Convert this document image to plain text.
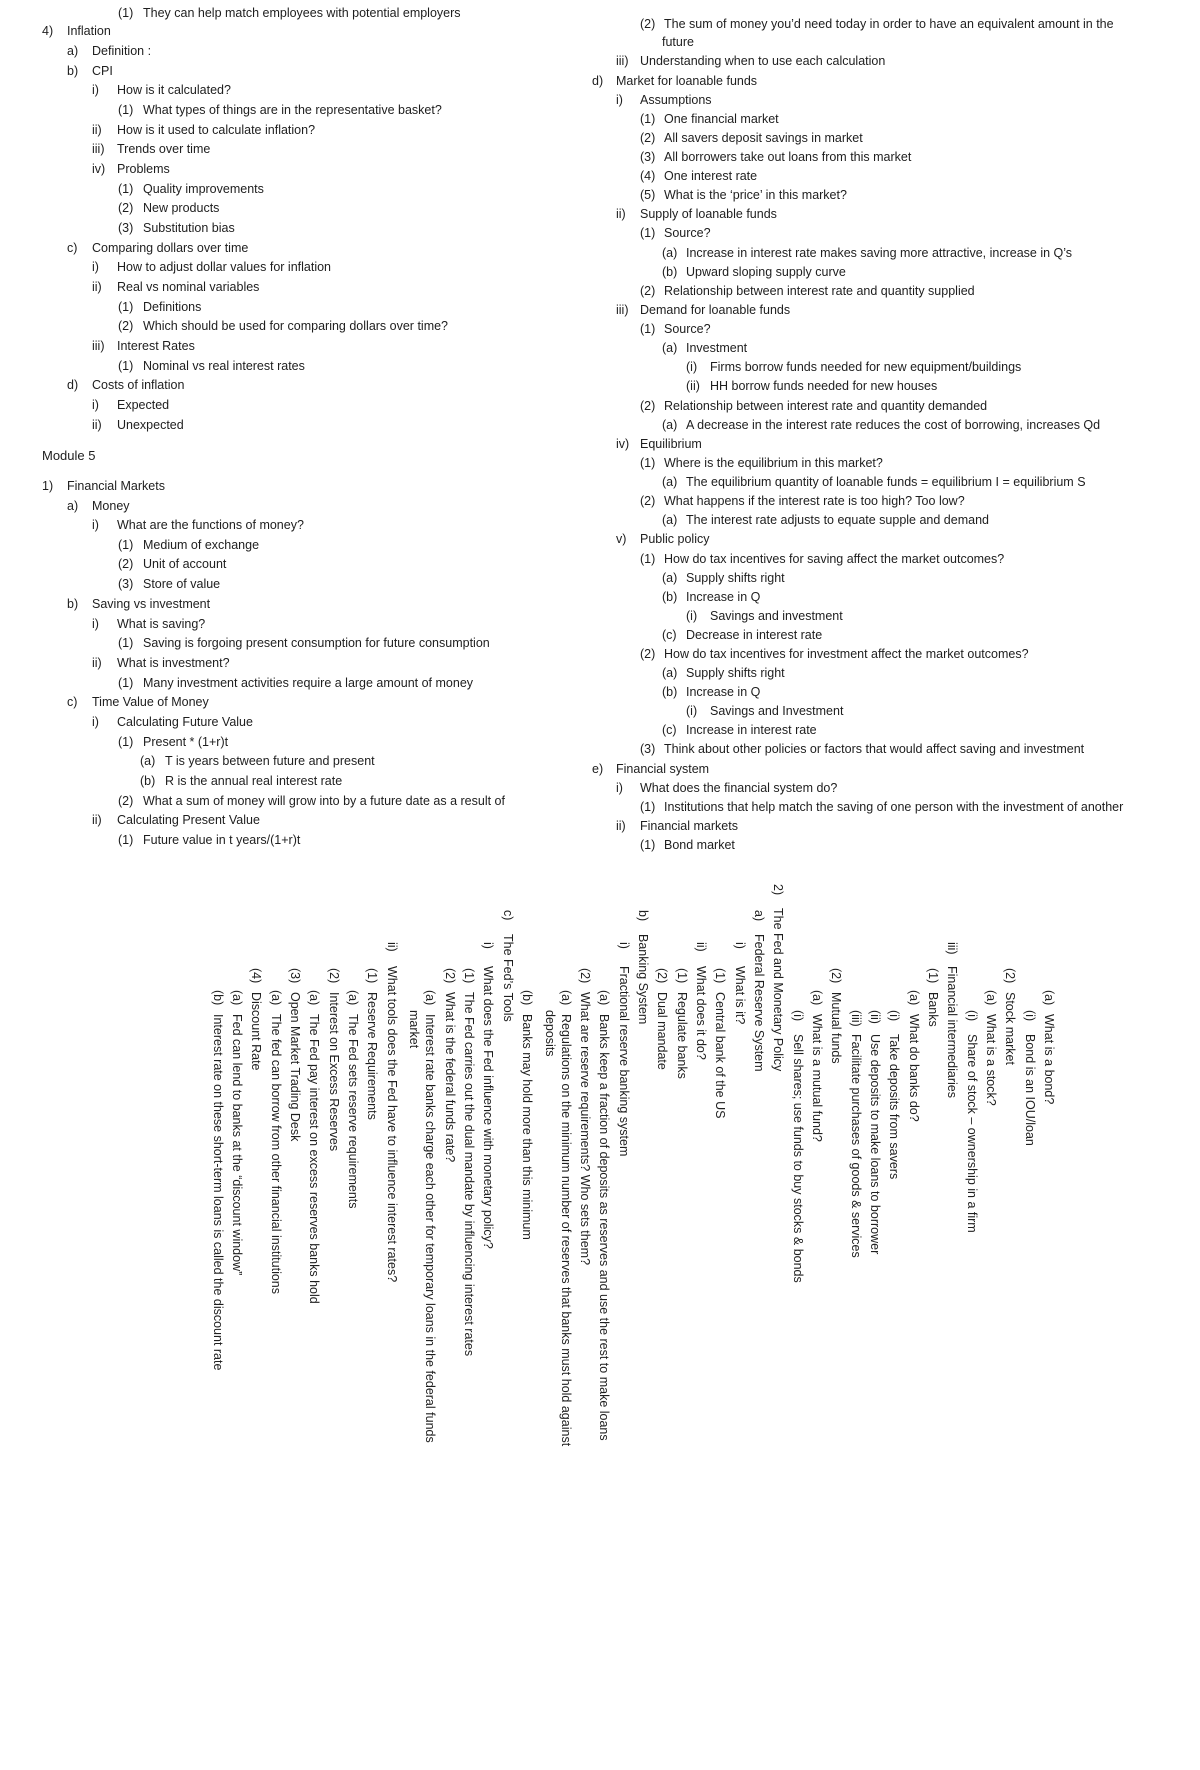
(1) They can help match employees with potential employers
4) Inflation
a) Definition :
b) CPI
i) How is it calculated?
(1) What types of things are in the representative basket?
ii) How is it used to calculate inflation?
iii) Trends over time
iv) Problems
(1) Quality improvements
(2) New products
(3) Substitution bias
c) Comparing dollars over time
i) How to adjust dollar values for inflation
ii) Real vs nominal variables
(1) Definitions
(2) Which should be used for comparing dollars over time?
iii) Interest Rates
(1) Nominal vs real interest rates
d) Costs of inflation
i) Expected
ii) Unexpected
Module 5
1) Financial Markets
a) Money
i) What are the functions of money?
(1) Medium of exchange
(2) Unit of account
(3) Store of value
b) Saving vs investment
i) What is saving?
(1) Saving is forgoing present consumption for future consumption
ii) What is investment?
(1) Many investment activities require a large amount of money
c) Time Value of Money
i) Calculating Future Value
(1) Present * (1+r)t
(a) T is years between future and present
(b) R is the annual real interest rate
(2) What a sum of money will grow into by a future date as a result of
ii) Calculating Present Value
(1) Future value in t years/(1+r)t
(2) The sum of money you’d need today in order to have an equivalent amount in the
future
iii) Understanding when to use each calculation
d) Market for loanable funds
i) Assumptions
(1) One financial market
(2) All savers deposit savings in market
(3) All borrowers take out loans from this market
(4) One interest rate
(5) What is the ‘price’ in this market?
ii) Supply of loanable funds
(1) Source?
(a) Increase in interest rate makes saving more attractive, increase in Q’s
(b) Upward sloping supply curve
(2) Relationship between interest rate and quantity supplied
iii) Demand for loanable funds
(1) Source?
(a) Investment
(i) Firms borrow funds needed for new equipment/buildings
(ii) HH borrow funds needed for new houses
(2) Relationship between interest rate and quantity demanded
(a) A decrease in the interest rate reduces the cost of borrowing, increases Qd
iv) Equilibrium
(1) Where is the equilibrium in this market?
(a) The equilibrium quantity of loanable funds = equilibrium I = equilibrium S
(2) What happens if the interest rate is too high? Too low?
(a) The interest rate adjusts to equate supple and demand
v) Public policy
(1) How do tax incentives for saving affect the market outcomes?
(a) Supply shifts right
(b) Increase in Q
(i) Savings and investment
(c) Decrease in interest rate
(2) How do tax incentives for investment affect the market outcomes?
(a) Supply shifts right
(b) Increase in Q
(i) Savings and Investment
(c) Increase in interest rate
(3) Think about other policies or factors that would affect saving and investment
e) Financial system
i) What does the financial system do?
(1) Institutions that help match the saving of one person with the investment of another
ii) Financial markets
(1) Bond market
(a)What is a bond?
(i)Bond is an IOU/loan
(2)Stock market
(a)What is a stock?
(i)Share of stock – ownership in a firm
iii)Financial intermediaries
(1)Banks
(a)What do banks do?
(i)Take deposits from savers
(ii)Use deposits to make loans to borrower
(iii)Facilitate purchases of goods & services
(2)Mutual funds
(a)What is a mutual fund?
(i)Sell shares; use funds to buy stocks & bonds
2)The Fed and Monetary Policy
a)Federal Reserve System
i)What is it?
(1)Central bank of the US
ii)What does it do?
(1)Regulate banks
(2)Dual mandate
b)Banking System
i)Fractional reserve banking system
(a)Banks keep a fraction of deposits as reserves and use the rest to make loans
(2)What are reserve requirements? Who sets them?
(a)Regulations on the minimum number of reserves that banks must hold against
deposits
(b)Banks may hold more than this minimum
c)The Fed’s Tools
i)What does the Fed influence with monetary policy?
(1)The Fed carries out the dual mandate by influencing interest rates
(2)What is the federal funds rate?
(a)Interest rate banks charge each other for temporary loans in the federal funds
market
ii)What tools does the Fed have to influence interest rates?
(1)Reserve Requirements
(a)The Fed sets reserve requirements
(2)Interest on Excess Reserves
(a)The Fed pay interest on excess reserves banks hold
(3)Open Market Trading Desk
(a)The fed can borrow from other financial institutions
(4)Discount Rate
(a)Fed can lend to banks at the “discount window”
(b)Interest rate on these short-term loans is called the discount rate
